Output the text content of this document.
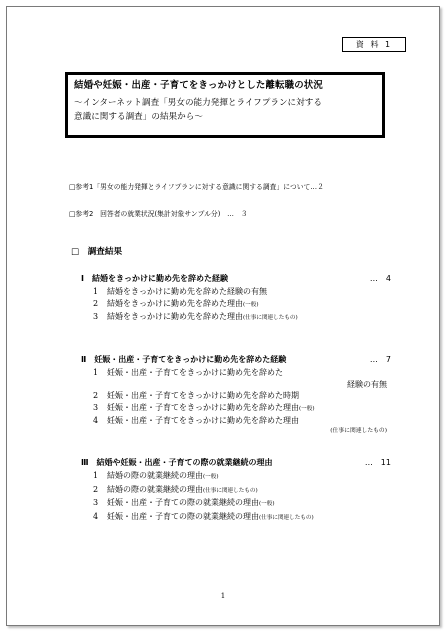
資 料 1
結婚や妊娠・出産・子育てをきっかけとした離転職の状況
～インターネット調査「男女の能力発揮とライフプランに対する
意識に関する調査」の結果から～
□参考1「男女の能力発揮とライフプランに対する意識に関する調査」について…２
□参考2　回答者の就業状況(集計対象サンプル分)　…　３
□　調査結果
Ⅰ　結婚をきっかけに勤め先を辞めた経験	…　4
1 結婚をきっかけに勤め先を辞めた経験の有無
2 結婚をきっかけに勤め先を辞めた理由(一般)
3 結婚をきっかけに勤め先を辞めた理由(仕事に関連したもの)
Ⅱ　妊娠・出産・子育てをきっかけに勤め先を辞めた経験	…　7
1 妊娠・出産・子育てをきっかけに勤め先を辞めた
経験の有無
2 妊娠・出産・子育てをきっかけに勤め先を辞めた時期
3 妊娠・出産・子育てをきっかけに勤め先を辞めた理由(一般)
4 妊娠・出産・子育てをきっかけに勤め先を辞めた理由
(仕事に関連したもの)
Ⅲ　結婚や妊娠・出産・子育ての際の就業継続の理由	…　11
1 結婚の際の就業継続の理由(一般)
2 結婚の際の就業継続の理由(仕事に関連したもの)
3 妊娠・出産・子育ての際の就業継続の理由(一般)
4 妊娠・出産・子育ての際の就業継続の理由(仕事に関連したもの)
1
